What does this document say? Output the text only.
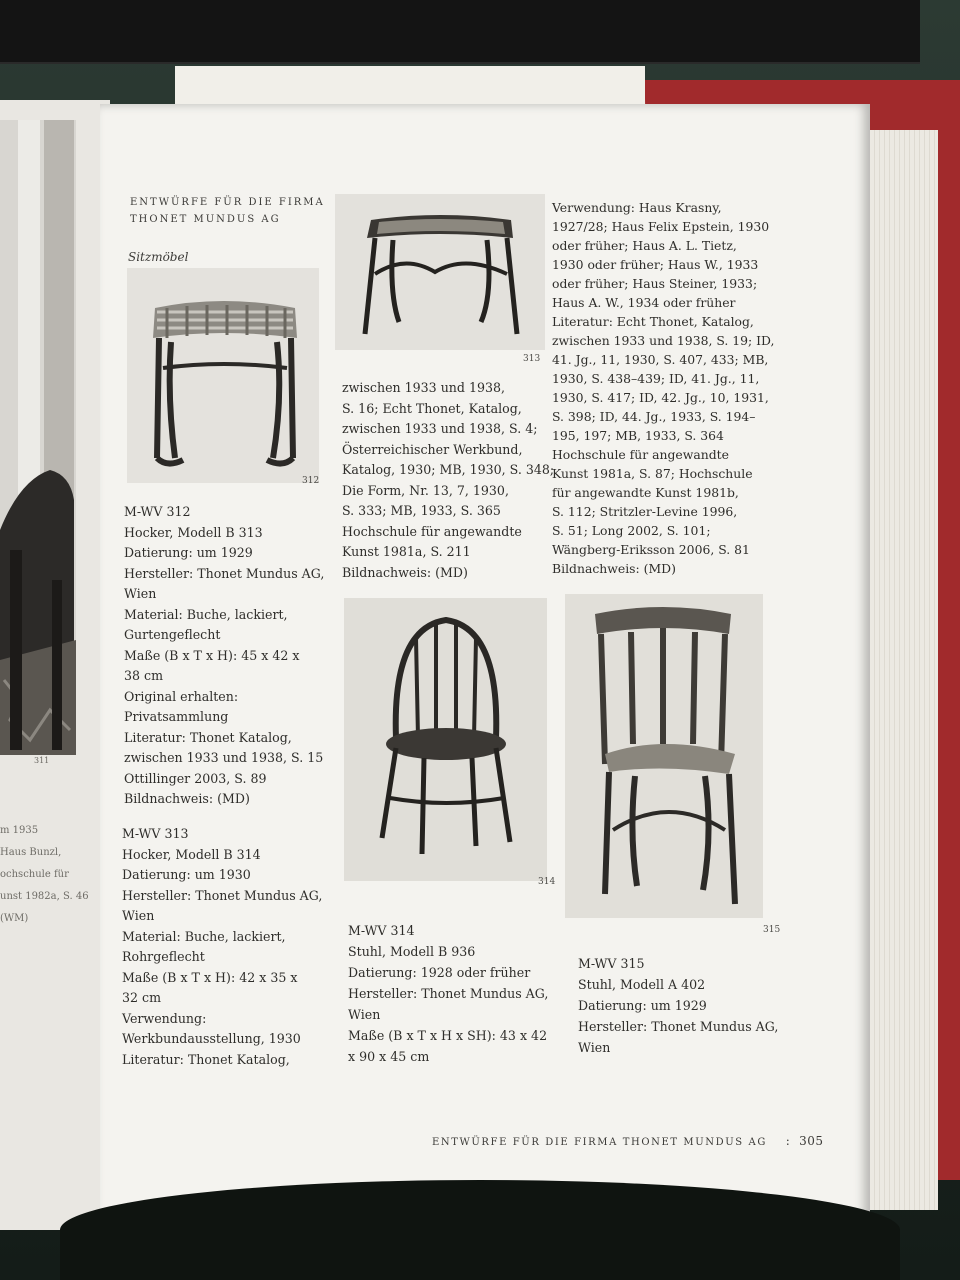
311
m 1935
Haus Bunzl,
ochschule für
unst 1982a, S. 46
(WM)
ENTWÜRFE FÜR DIE FIRMA
THONET MUNDUS AG
Sitzmöbel
312
313
314
315
M-WV 312
Hocker, Modell B 313
Datierung: um 1929
Hersteller: Thonet Mundus AG,
Wien
Material: Buche, lackiert,
Gurtengeflecht
Maße (B x T x H): 45 x 42 x
38 cm
Original erhalten:
Privatsammlung
Literatur: Thonet Katalog,
zwischen 1933 und 1938, S. 15
Ottillinger 2003, S. 89
Bildnachweis: (MD)
M-WV 313
Hocker, Modell B 314
Datierung: um 1930
Hersteller: Thonet Mundus AG,
Wien
Material: Buche, lackiert,
Rohrgeflecht
Maße (B x T x H): 42 x 35 x
32 cm
Verwendung:
Werkbundausstellung, 1930
Literatur: Thonet Katalog,
zwischen 1933 und 1938,
S. 16; Echt Thonet, Katalog,
zwischen 1933 und 1938, S. 4;
Österreichischer Werkbund,
Katalog, 1930; MB, 1930, S. 348;
Die Form, Nr. 13, 7, 1930,
S. 333; MB, 1933, S. 365
Hochschule für angewandte
Kunst 1981a, S. 211
Bildnachweis: (MD)
Verwendung: Haus Krasny,
1927/28; Haus Felix Epstein, 1930
oder früher; Haus A. L. Tietz,
1930 oder früher; Haus W., 1933
oder früher; Haus Steiner, 1933;
Haus A. W., 1934 oder früher
Literatur: Echt Thonet, Katalog,
zwischen 1933 und 1938, S. 19; ID,
41. Jg., 11, 1930, S. 407, 433; MB,
1930, S. 438–439; ID, 41. Jg., 11,
1930, S. 417; ID, 42. Jg., 10, 1931,
S. 398; ID, 44. Jg., 1933, S. 194–
195, 197; MB, 1933, S. 364
Hochschule für angewandte
Kunst 1981a, S. 87; Hochschule
für angewandte Kunst 1981b,
S. 112; Stritzler-Levine 1996,
S. 51; Long 2002, S. 101;
Wängberg-Eriksson 2006, S. 81
Bildnachweis: (MD)
M-WV 314
Stuhl, Modell B 936
Datierung: 1928 oder früher
Hersteller: Thonet Mundus AG,
Wien
Maße (B x T x H x SH): 43 x 42
x 90 x 45 cm
M-WV 315
Stuhl, Modell A 402
Datierung: um 1929
Hersteller: Thonet Mundus AG,
Wien
ENTWÜRFE FÜR DIE FIRMA THONET MUNDUS AG : 305
